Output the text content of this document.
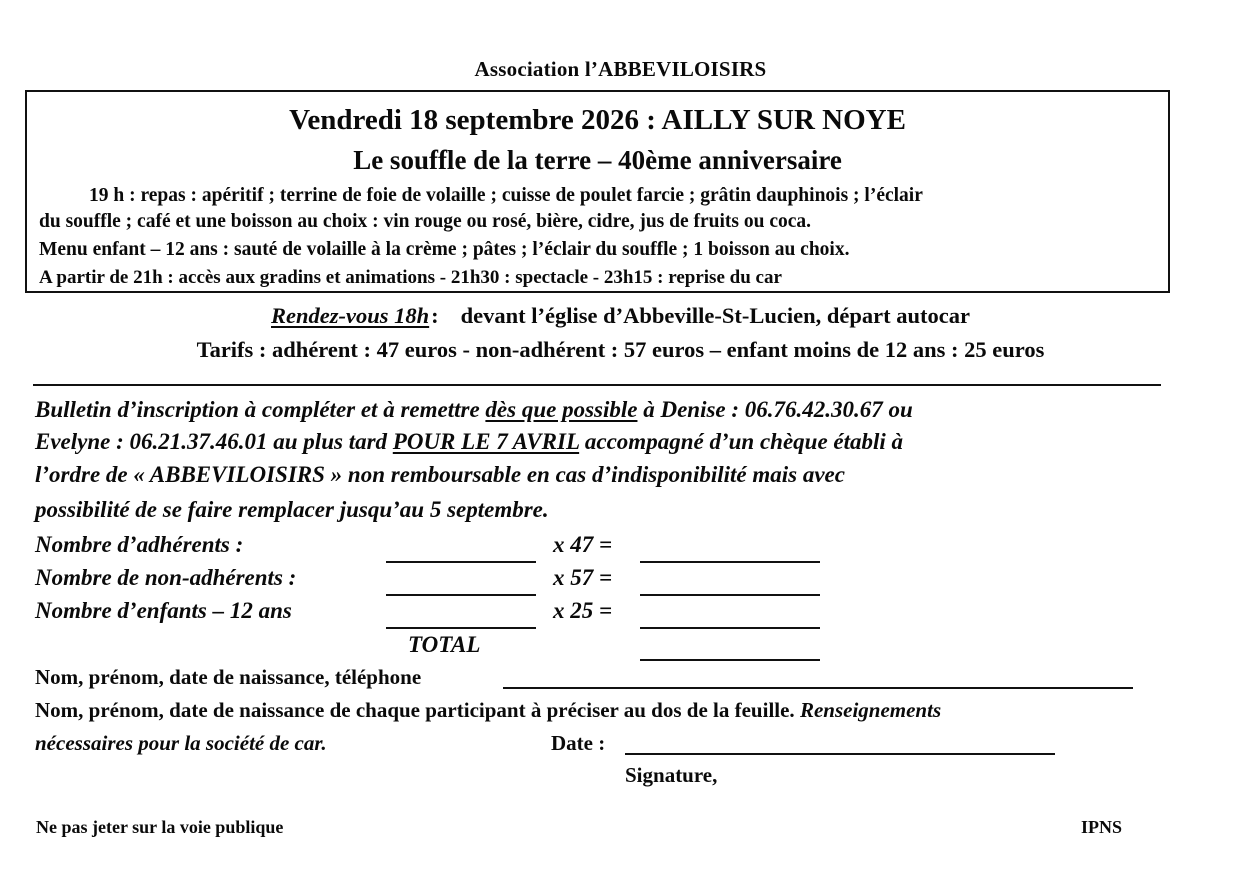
Association l’ABBEVILOISIRS
Vendredi 18 septembre 2026 : AILLY SUR NOYE
Le souffle de la terre – 40ème anniversaire
19 h : repas : apéritif ; terrine de foie de volaille ; cuisse de poulet farcie ; grâtin dauphinois ; l’éclair
du souffle ; café et une boisson au choix : vin rouge ou rosé, bière, cidre, jus de fruits ou coca.
Menu enfant – 12 ans : sauté de volaille à la crème ; pâtes ; l’éclair du souffle ; 1 boisson au choix.
A partir de 21h : accès aux gradins et animations - 21h30 : spectacle - 23h15 : reprise du car
Rendez-vous 18h: devant l’église d’Abbeville-St-Lucien, départ autocar
Tarifs : adhérent : 47 euros - non-adhérent : 57 euros – enfant moins de 12 ans : 25 euros
Bulletin d’inscription à compléter et à remettre dès que possible à Denise : 06.76.42.30.67 ou
Evelyne : 06.21.37.46.01 au plus tard POUR LE 7 AVRIL accompagné d’un chèque établi à
l’ordre de « ABBEVILOISIRS » non remboursable en cas d’indisponibilité mais avec
possibilité de se faire remplacer jusqu’au 5 septembre.
Nombre d’adhérents :	x 47 =
Nombre de non-adhérents :	x 57 =
Nombre d’enfants – 12 ans	x 25 =
TOTAL
Nom, prénom, date de naissance, téléphone
Nom, prénom, date de naissance de chaque participant à préciser au dos de la feuille. Renseignements
nécessaires pour la société de car.	Date :
Signature,
Ne pas jeter sur la voie publique	IPNS
